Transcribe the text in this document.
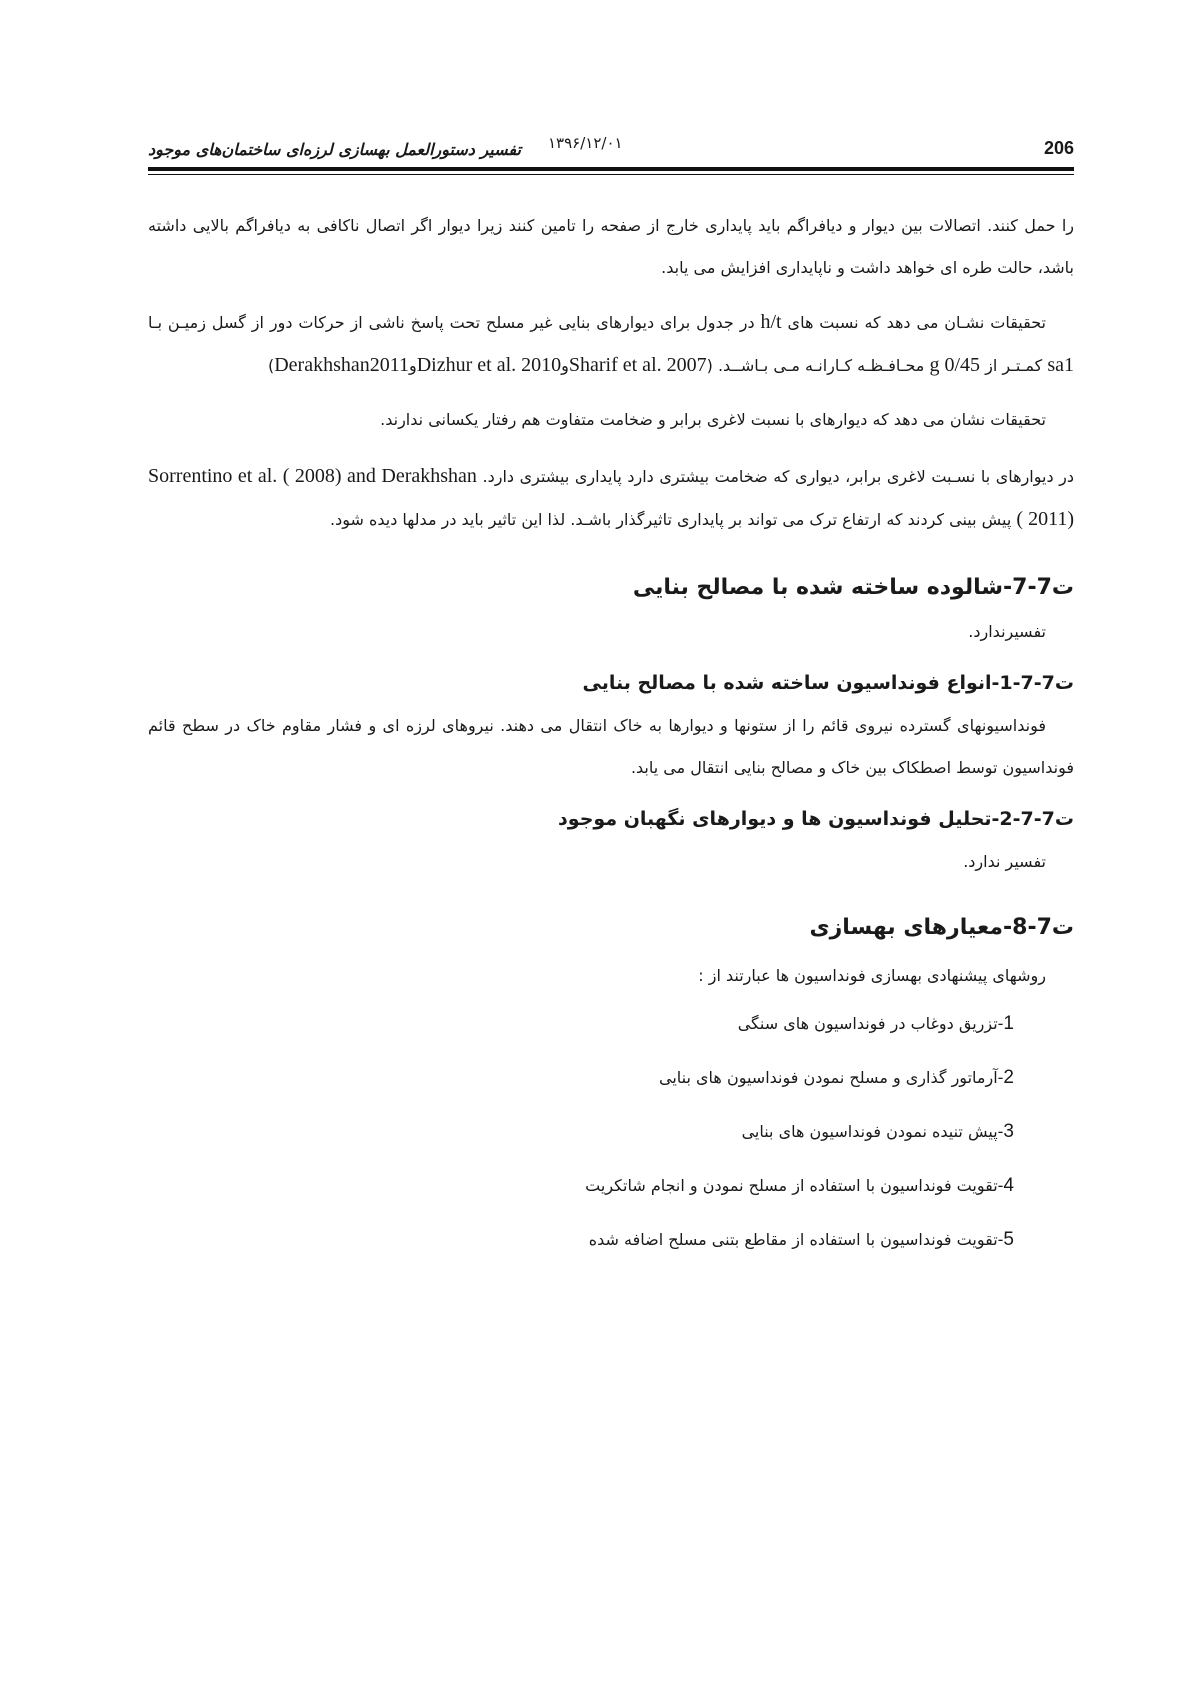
تفسیر دستورالعمل بهسازی لرزه‌ای ساختمان‌های موجود ۱۳۹۶/۱۲/۰۱	206

را حمل کنند. اتصالات بین دیوار و دیافراگم باید پایداری خارج از صفحه را تامین کنند زیرا دیوار اگر اتصال ناکافی به دیافراگم بالایی داشته باشد، حالت طره ای خواهد داشت و ناپایداری افزایش می یابد.

تحقیقات نشـان می دهد که نسبت های h/t در جدول برای دیوارهای بنایی غیر مسلح تحت پاسخ ناشی از حرکات دور از گسل زمیـن بـا sa1 کمـتـر از 0/45 g محـافـظـه کـارانـه مـی بـاشــد. (Sharif et al. 2007وDizhur et al. 2010وDerakhshan2011)

تحقیقات نشان می دهد که دیوارهای با نسبت لاغری برابر و ضخامت متفاوت هم رفتار یکسانی ندارند.

در دیوارهای با نسـبت لاغری برابر، دیواری که ضخامت بیشتری دارد پایداری بیشتری دارد. Sorrentino et al. ( 2008) and Derakhshan ( 2011) پیش بینی کردند که ارتفاع ترک می تواند بر پایداری تاثیرگذار باشـد. لذا این تاثیر باید در مدلها دیده شود.

ت7-7-شالوده ساخته شده با مصالح بنایی

تفسیرندارد.

ت7-7-1-انواع فونداسیون ساخته شده با مصالح بنایی

فونداسیونهای گسترده نیروی قائم را از ستونها و دیوارها به خاک انتقال می دهند. نیروهای لرزه ای و فشار مقاوم خاک در سطح قائم فونداسیون توسط اصطکاک بین خاک و مصالح بنایی انتقال می یابد.

ت7-7-2-تحلیل فونداسیون ها و دیوارهای نگهبان موجود

تفسیر ندارد.

ت7-8-معیارهای بهسازی

روشهای پیشنهادی بهسازی فونداسیون ها عبارتند از :

1-تزریق دوغاب در فونداسیون های سنگی
2-آرماتور گذاری و مسلح نمودن فونداسیون های بنایی
3-پیش تنیده نمودن فونداسیون های بنایی
4-تقویت فونداسیون با استفاده از مسلح نمودن و انجام شاتکریت
5-تقویت فونداسیون با استفاده از مقاطع بتنی مسلح اضافه شده
